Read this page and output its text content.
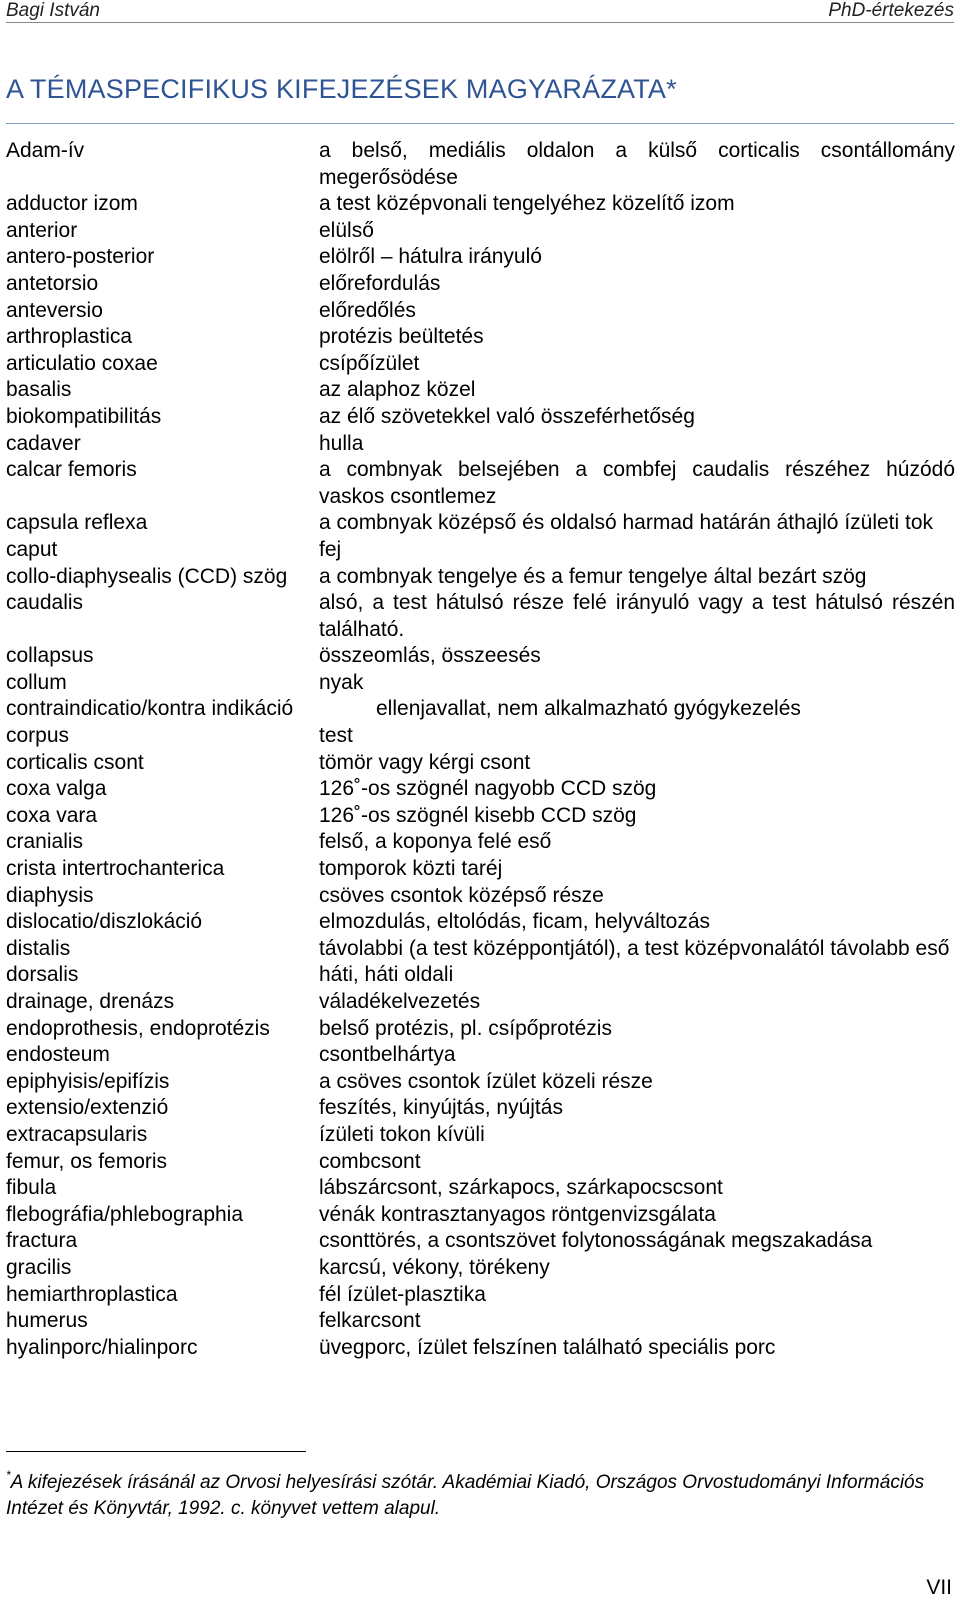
Bagi István	PhD-értekezés
A TÉMASPECIFIKUS KIFEJEZÉSEK MAGYARÁZATA*
Adam-ív	a belső, mediális oldalon a külső corticalis csontállomány megerősödése
adductor izom	a test középvonali tengelyéhez közelítő izom
anterior	elülső
antero-posterior	elölről – hátulra irányuló
antetorsio	előrefordulás
anteversio	előredőlés
arthroplastica	protézis beültetés
articulatio coxae	csípőízület
basalis	az alaphoz közel
biokompatibilitás	az élő szövetekkel való összeférhetőség
cadaver	hulla
calcar femoris	a combnyak belsejében a combfej caudalis részéhez húzódó vaskos csontlemez
capsula reflexa	a combnyak középső és oldalsó harmad határán áthajló ízületi tok
caput	fej
collo-diaphysealis (CCD) szög	a combnyak tengelye és a femur tengelye által bezárt szög
caudalis	alsó, a test hátulsó része felé irányuló vagy a test hátulsó részén található.
collapsus	összeomlás, összeesés
collum	nyak
contraindicatio/kontra indikáció	ellenjavallat, nem alkalmazható gyógykezelés
corpus	test
corticalis csont	tömör vagy kérgi csont
coxa valga	126˚-os szögnél nagyobb CCD szög
coxa vara	126˚-os szögnél kisebb CCD szög
cranialis	felső, a koponya felé eső
crista intertrochanterica	tomporok közti taréj
diaphysis	csöves csontok középső része
dislocatio/diszlokáció	elmozdulás, eltolódás, ficam, helyváltozás
distalis	távolabbi (a test középpontjától), a test középvonalától távolabb eső
dorsalis	háti, háti oldali
drainage, drenázs	váladékelvezetés
endoprothesis, endoprotézis	belső protézis, pl. csípőprotézis
endosteum	csontbelhártya
epiphyisis/epifízis	a csöves csontok ízület közeli része
extensio/extenzió	feszítés, kinyújtás, nyújtás
extracapsularis	ízületi tokon kívüli
femur, os femoris	combcsont
fibula	lábszárcsont, szárkapocs, szárkapocscsont
flebográfia/phlebographia	vénák kontrasztanyagos röntgenvizsgálata
fractura	csonttörés, a csontszövet folytonosságának megszakadása
gracilis	karcsú, vékony, törékeny
hemiarthroplastica	fél ízület-plasztika
humerus	felkarcsont
hyalinporc/hialinporc	üvegporc, ízület felszínen található speciális porc
*A kifejezések írásánál az Orvosi helyesírási szótár. Akadémiai Kiadó, Országos Orvostudományi Információs Intézet és Könyvtár, 1992. c. könyvet vettem alapul.
VII
